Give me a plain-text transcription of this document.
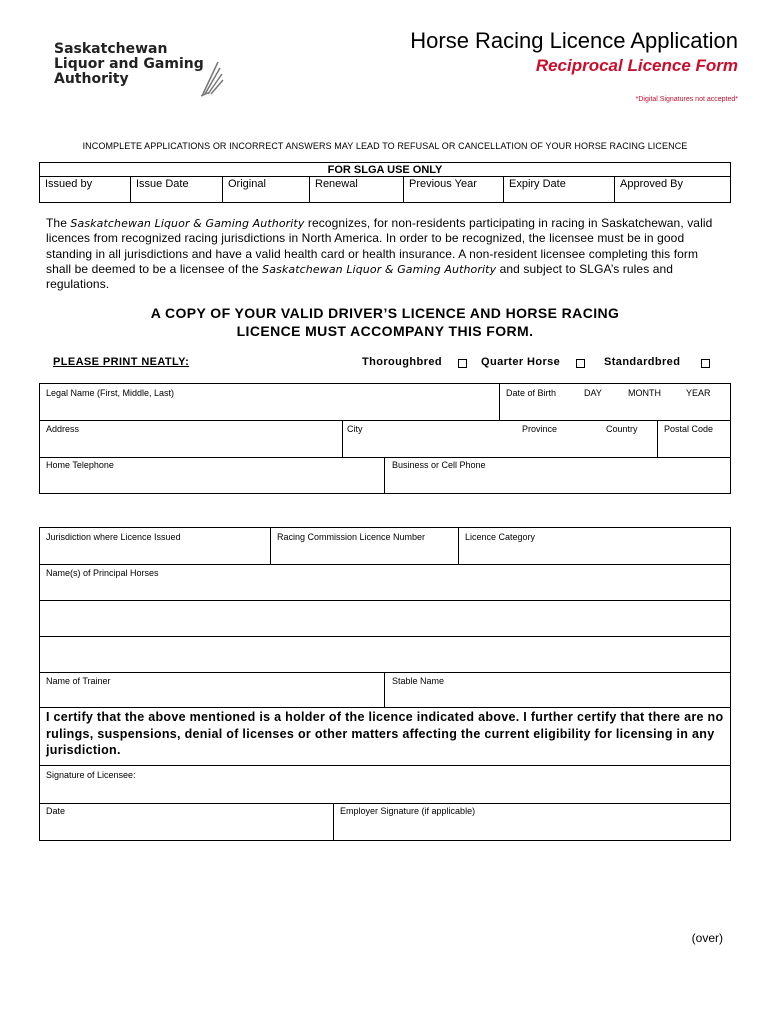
Saskatchewan
Liquor and Gaming
Authority
Horse Racing Licence Application
Reciprocal Licence Form
*Digital Signatures not accepted*
INCOMPLETE APPLICATIONS OR INCORRECT ANSWERS MAY LEAD TO REFUSAL OR CANCELLATION OF YOUR HORSE RACING LICENCE
FOR SLGA USE ONLY
Issued by	Issue Date	Original	Renewal	Previous Year	Expiry Date	Approved By
The Saskatchewan Liquor & Gaming Authority recognizes, for non-residents participating in racing in Saskatchewan, valid licences from recognized racing jurisdictions in North America. In order to be recognized, the licensee must be in good standing in all jurisdictions and have a valid health card or health insurance. A non-resident licensee completing this form shall be deemed to be a licensee of the Saskatchewan Liquor & Gaming Authority and subject to SLGA’s rules and regulations.
A COPY OF YOUR VALID DRIVER’S LICENCE AND HORSE RACING
LICENCE MUST ACCOMPANY THIS FORM.
PLEASE PRINT NEATLY:	Thoroughbred	Quarter Horse	Standardbred
Legal Name (First, Middle, Last)	Date of Birth	DAY	MONTH	YEAR
Address	City	Province	Country	Postal Code
Home Telephone	Business or Cell Phone
Jurisdiction where Licence Issued	Racing Commission Licence Number	Licence Category
Name(s) of Principal Horses
Name of Trainer	Stable Name
Signature of Licensee:
Date	Employer Signature (if applicable)
I certify that the above mentioned is a holder of the licence indicated above. I further certify that there are no rulings, suspensions, denial of licenses or other matters affecting the current eligibility for licensing in any jurisdiction.
(over)
